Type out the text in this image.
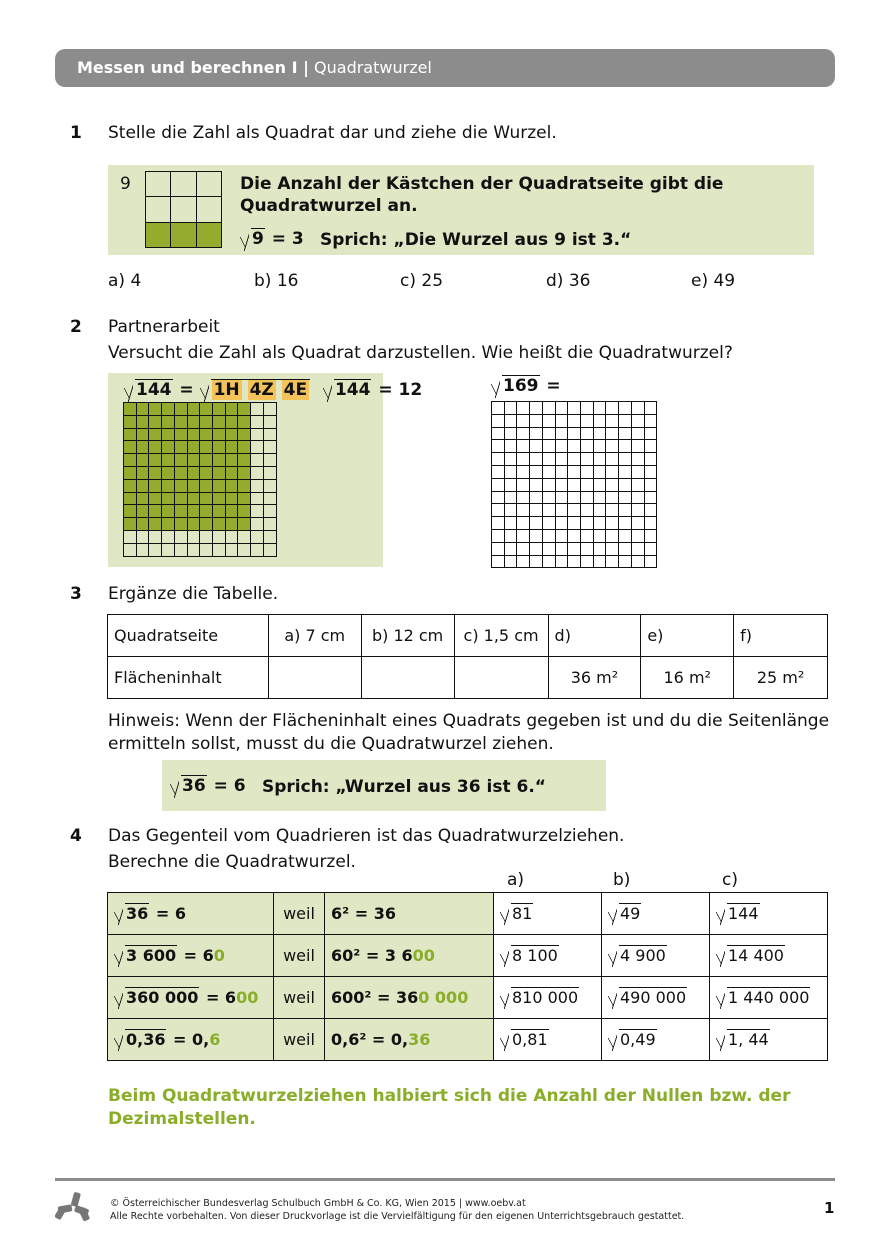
Messen und berechnen I | Quadratwurzel
1 Stelle die Zahl als Quadrat dar und ziehe die Wurzel.
9

			Die Anzahl der Kästchen der Quadratseite gibt die
Quadratwurzel an.
9 = 3 Sprich: „Die Wurzel aus 9 ist 3.“
a) 4	b) 16	c) 25	d) 36	e) 49
2 Partnerarbeit
Versucht die Zahl als Quadrat darzustellen. Wie heißt die Quadratwurzel?
144 = 1H 4Z 4E 144 = 12

												169 =

3 Ergänze die Tabelle.
Quadratseite	a) 7 cm	b) 12 cm	c) 1,5 cm	d)	e)	f)
Flächeninhalt				36 m²	16 m²	25 m²
Hinweis: Wenn der Flächeninhalt eines Quadrats gegeben ist und du die Seitenlänge
ermitteln sollst, musst du die Quadratwurzel ziehen.
36 = 6 Sprich: „Wurzel aus 36 ist 6.“
4 Das Gegenteil vom Quadrieren ist das Quadratwurzelziehen.
Berechne die Quadratwurzel.
a)	b)	c)
36 = 6	weil	6² = 36	81	49	144
3 600 = 60	weil	60² = 3 600	8 100	4 900	14 400
360 000 = 600	weil	600² = 360 000	810 000	490 000	1 440 000
0,36 = 0,6	weil	0,6² = 0,36	0,81	0,49	1, 44
Beim Quadratwurzelziehen halbiert sich die Anzahl der Nullen bzw. der
Dezimalstellen.
© Österreichischer Bundesverlag Schulbuch GmbH & Co. KG, Wien 2015 | www.oebv.at
Alle Rechte vorbehalten. Von dieser Druckvorlage ist die Vervielfältigung für den eigenen Unterrichtsgebrauch gestattet.	1
